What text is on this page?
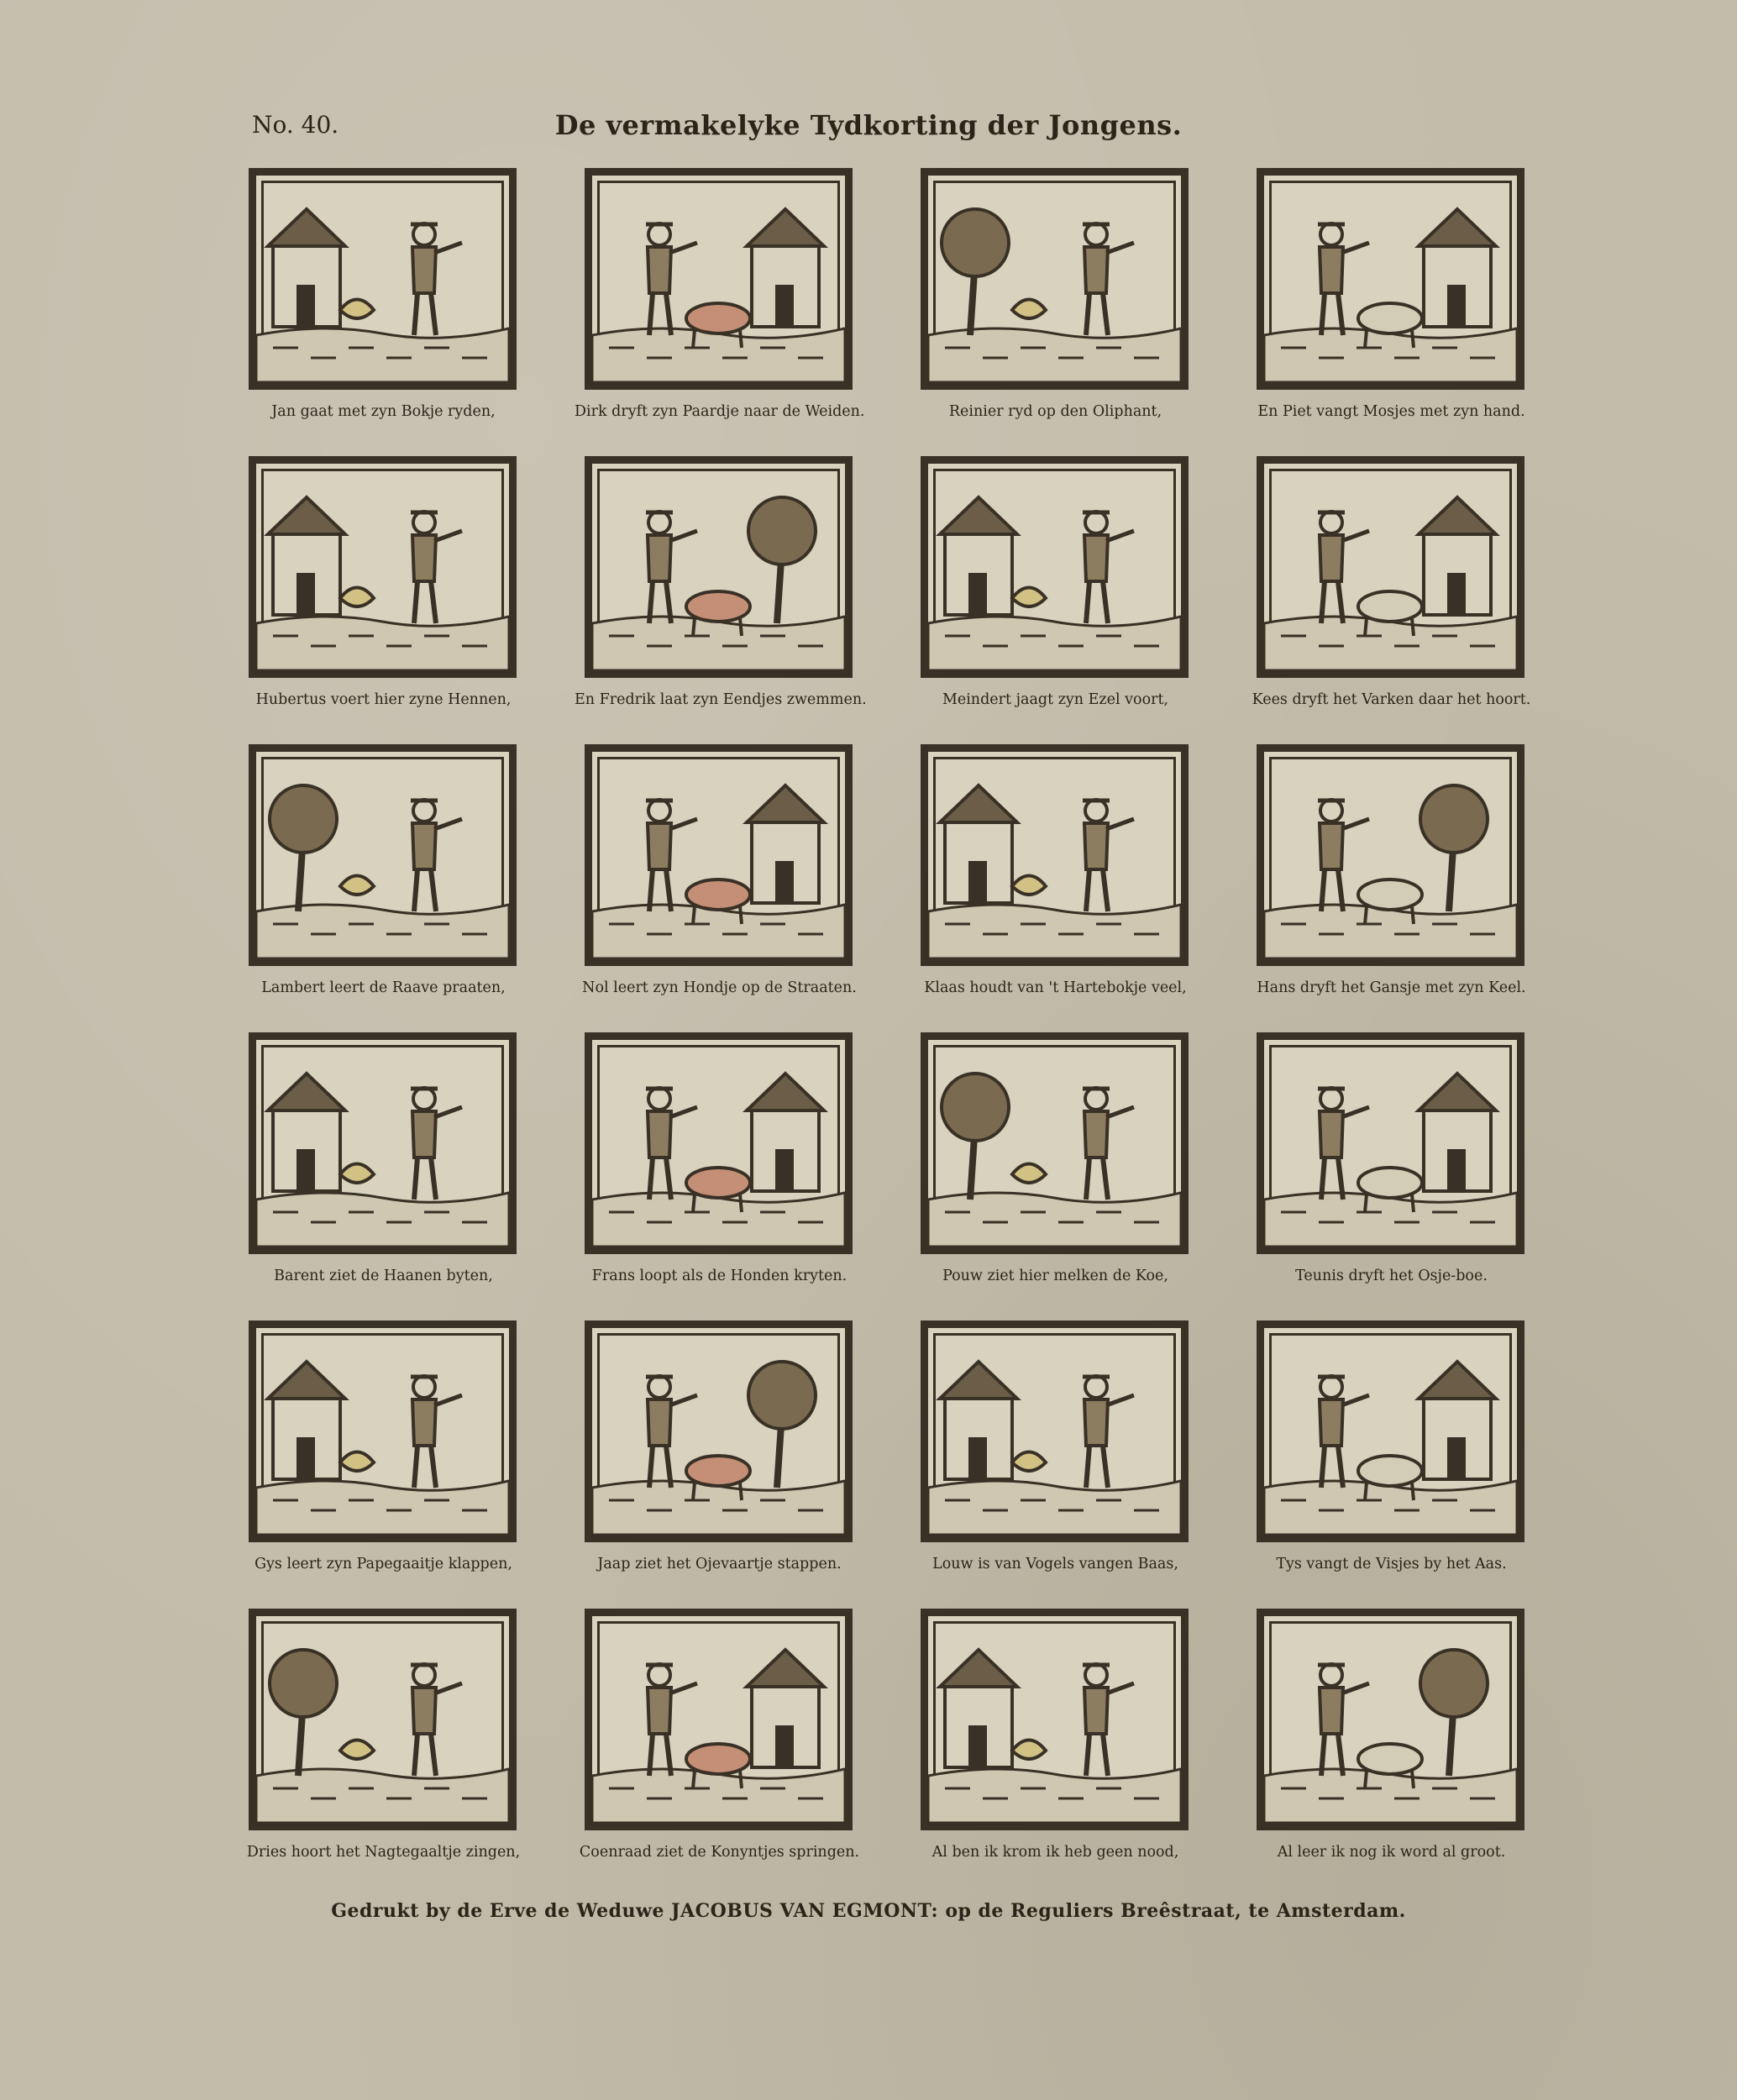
No. 40.	De vermakelyke Tydkorting der Jongens.
Jan gaat met zyn Bokje ryden,	Dirk dryft zyn Paardje naar de Weiden.	Reinier ryd op den Oliphant,	En Piet vangt Mosjes met zyn hand.
Hubertus voert hier zyne Hennen,	En Fredrik laat zyn Eendjes zwemmen.	Meindert jaagt zyn Ezel voort,	Kees dryft het Varken daar het hoort.
Lambert leert de Raave praaten,	Nol leert zyn Hondje op de Straaten.	Klaas houdt van 't Hartebokje veel,	Hans dryft het Gansje met zyn Keel.
Barent ziet de Haanen byten,	Frans loopt als de Honden kryten.	Pouw ziet hier melken de Koe,	Teunis dryft het Osje-boe.
Gys leert zyn Papegaaitje klappen,	Jaap ziet het Ojevaartje stappen.	Louw is van Vogels vangen Baas,	Tys vangt de Visjes by het Aas.
Dries hoort het Nagtegaaltje zingen,	Coenraad ziet de Konyntjes springen.	Al ben ik krom ik heb geen nood,	Al leer ik nog ik word al groot.
Gedrukt by de Erve de Weduwe JACOBUS VAN EGMONT: op de Reguliers Breêstraat, te Amsterdam.
